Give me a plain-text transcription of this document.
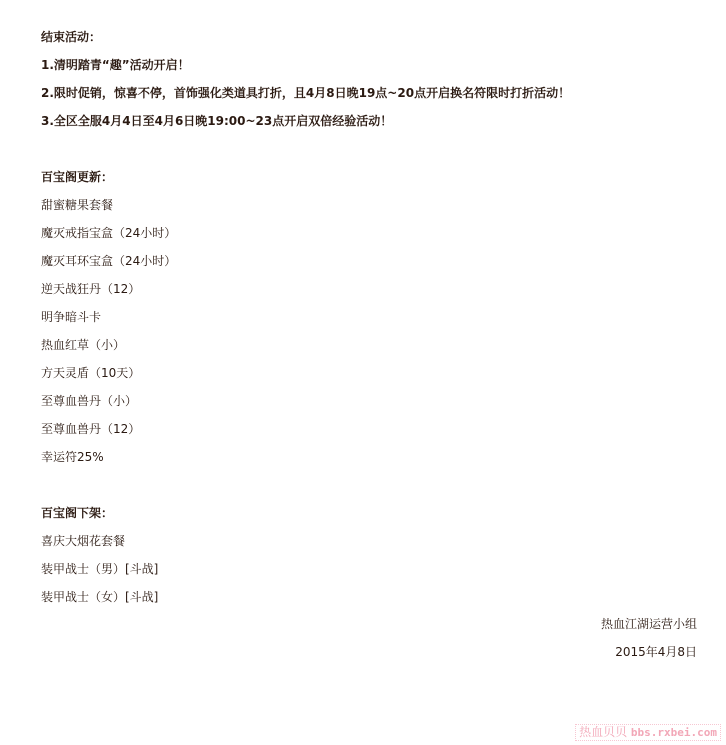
结束活动：
1.清明踏青“趣”活动开启！
2.限时促销，惊喜不停，首饰强化类道具打折，且4月8日晚19点~20点开启换名符限时打折活动！
3.全区全服4月4日至4月6日晚19:00~23点开启双倍经验活动！
百宝阁更新：
甜蜜糖果套餐
魔灭戒指宝盒（24小时）
魔灭耳环宝盒（24小时）
逆天战狂丹（12）
明争暗斗卡
热血红草（小）
方天灵盾（10天）
至尊血兽丹（小）
至尊血兽丹（12）
幸运符25%
百宝阁下架：
喜庆大烟花套餐
装甲战士（男）[斗战]
装甲战士（女）[斗战]
热血江湖运营小组
2015年4月8日
热血贝贝 bbs.rxbei.com
